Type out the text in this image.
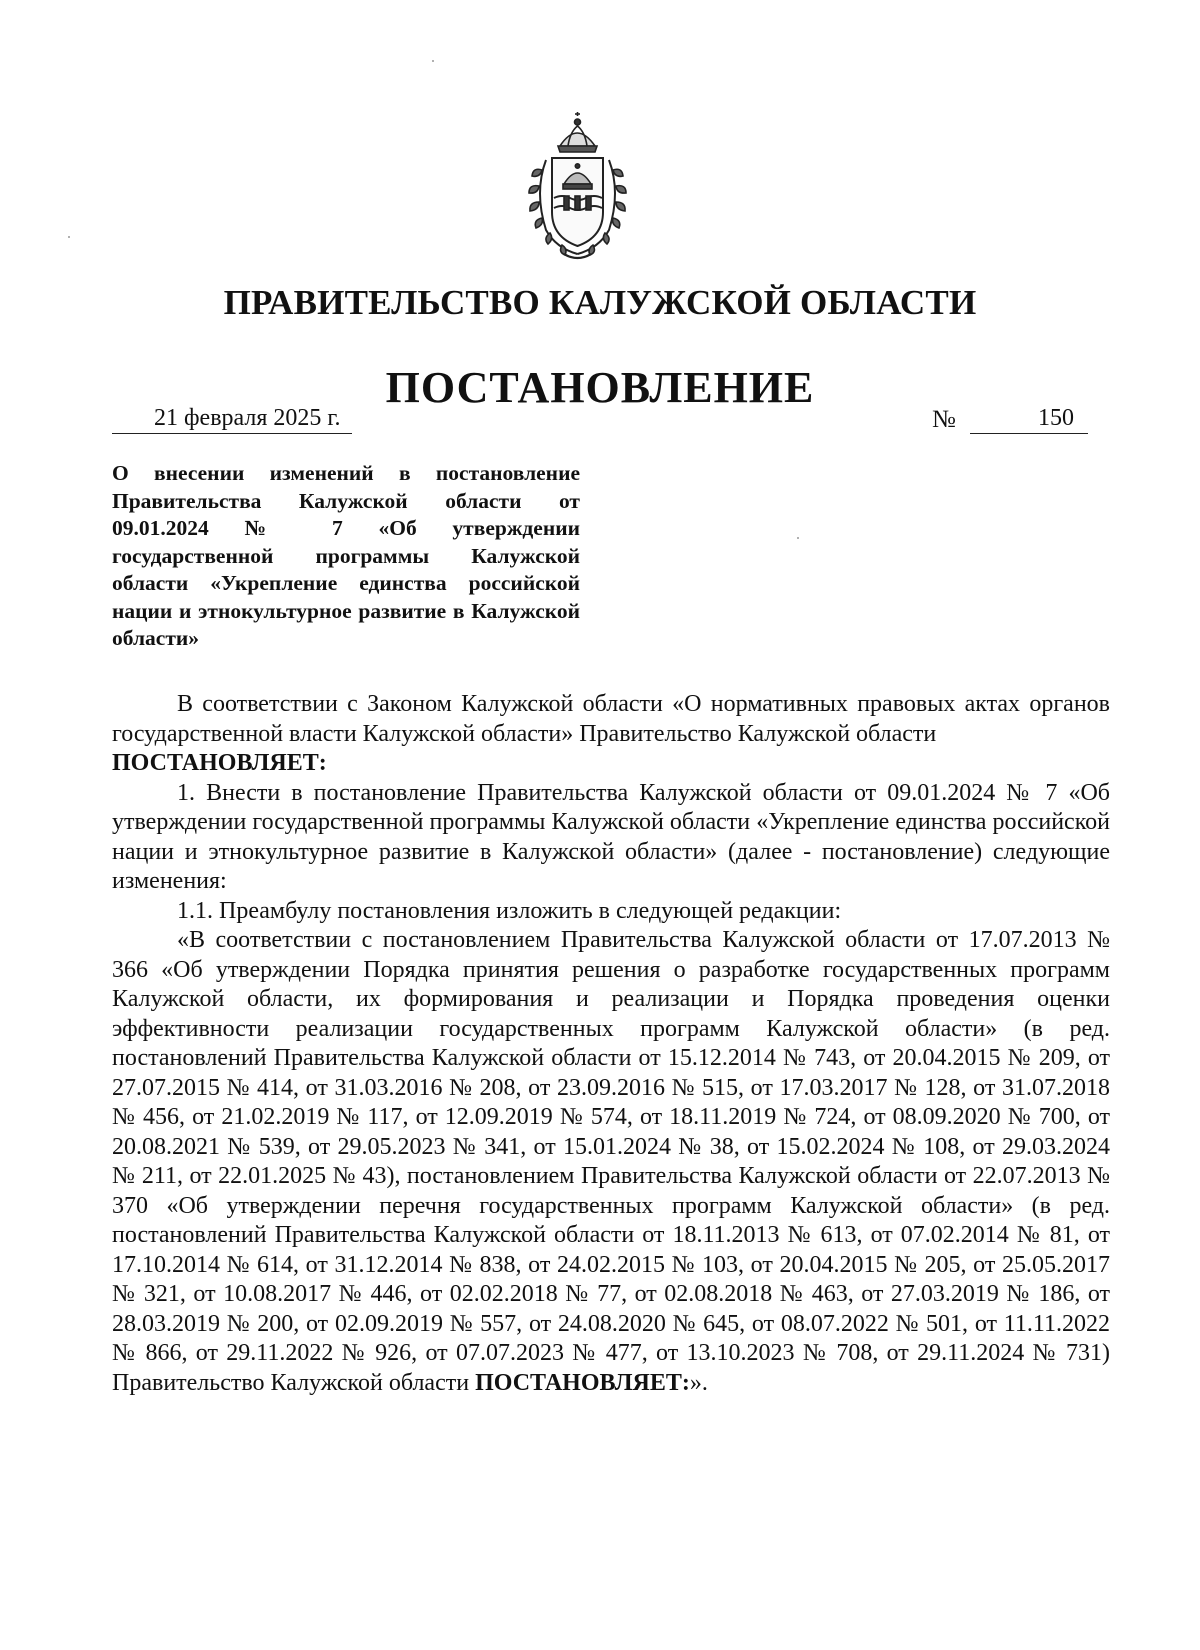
ПРАВИТЕЛЬСТВО КАЛУЖСКОЙ ОБЛАСТИ
ПОСТАНОВЛЕНИЕ
21 февраля 2025 г.	№	150
О внесении изменений в постановление Правительства Калужской области от 09.01.2024 № 7 «Об утверждении государственной программы Калужской области «Укрепление единства российской нации и этнокультурное развитие в Калужской области»

В соответствии с Законом Калужской области «О нормативных правовых актах органов государственной власти Калужской области» Правительство Калужской области

ПОСТАНОВЛЯЕТ:

1. Внести в постановление Правительства Калужской области от 09.01.2024 № 7 «Об утверждении государственной программы Калужской области «Укрепление единства российской нации и этнокультурное развитие в Калужской области» (далее - постановление) следующие изменения:

1.1. Преамбулу постановления изложить в следующей редакции:

«В соответствии с постановлением Правительства Калужской области от 17.07.2013 № 366 «Об утверждении Порядка принятия решения о разработке государственных программ Калужской области, их формирования и реализации и Порядка проведения оценки эффективности реализации государственных программ Калужской области» (в ред. постановлений Правительства Калужской области от 15.12.2014 № 743, от 20.04.2015 № 209, от 27.07.2015 № 414, от 31.03.2016 № 208, от 23.09.2016 № 515, от 17.03.2017 № 128, от 31.07.2018 № 456, от 21.02.2019 № 117, от 12.09.2019 № 574, от 18.11.2019 № 724, от 08.09.2020 № 700, от 20.08.2021 № 539, от 29.05.2023 № 341, от 15.01.2024 № 38, от 15.02.2024 № 108, от 29.03.2024 № 211, от 22.01.2025 № 43), постановлением Правительства Калужской области от 22.07.2013 № 370 «Об утверждении перечня государственных программ Калужской области» (в ред. постановлений Правительства Калужской области от 18.11.2013 № 613, от 07.02.2014 № 81, от 17.10.2014 № 614, от 31.12.2014 № 838, от 24.02.2015 № 103, от 20.04.2015 № 205, от 25.05.2017 № 321, от 10.08.2017 № 446, от 02.02.2018 № 77, от 02.08.2018 № 463, от 27.03.2019 № 186, от 28.03.2019 № 200, от 02.09.2019 № 557, от 24.08.2020 № 645, от 08.07.2022 № 501, от 11.11.2022 № 866, от 29.11.2022 № 926, от 07.07.2023 № 477, от 13.10.2023 № 708, от 29.11.2024 № 731) Правительство Калужской области ПОСТАНОВЛЯЕТ:».
